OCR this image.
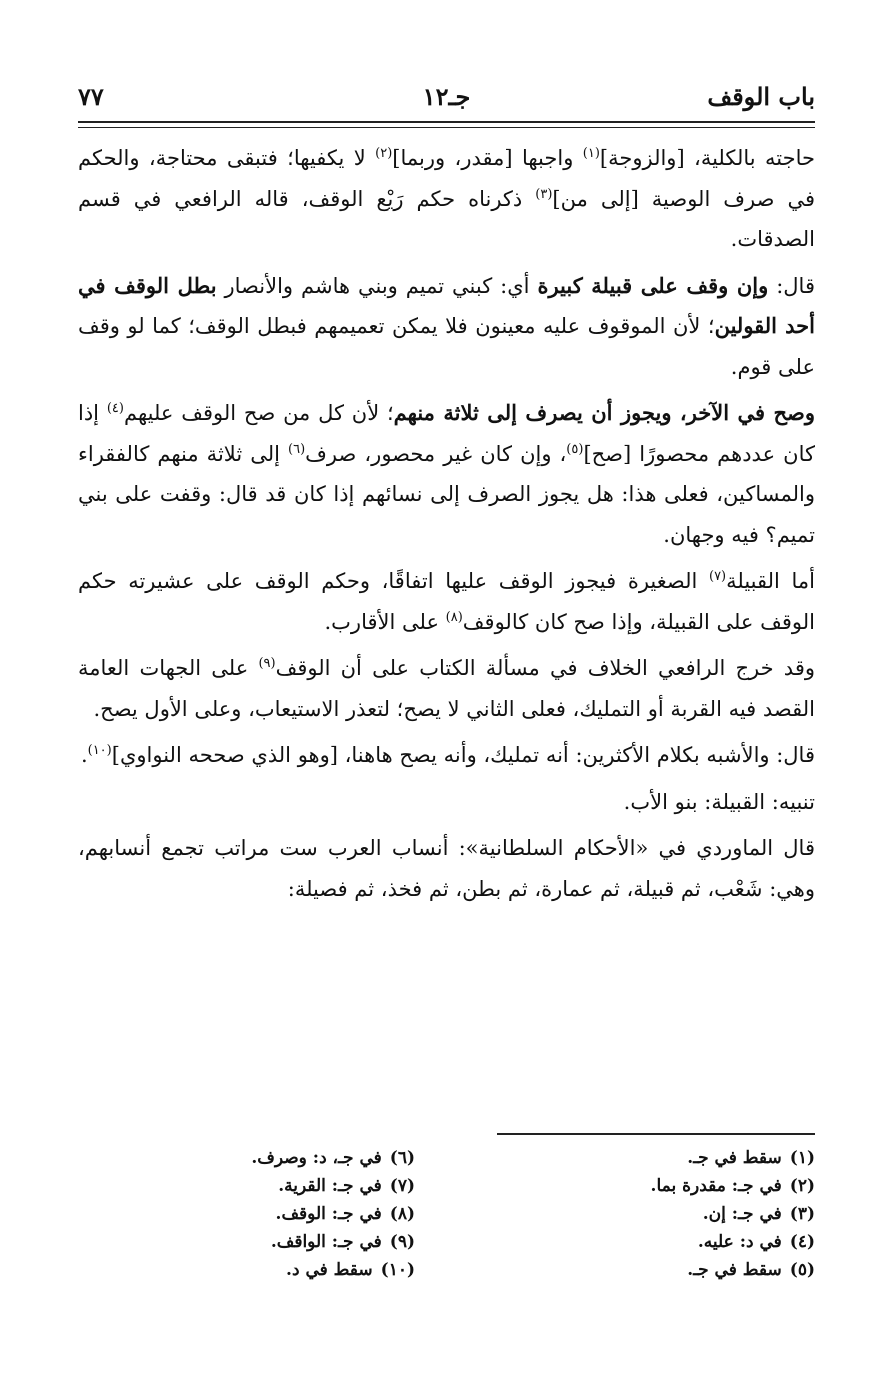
باب الوقف
جـ١٢
٧٧

حاجته بالكلية، [والزوجة]$^{(١)}$ واجبها [مقدر، وربما]$^{(٢)}$ لا يكفيها؛ فتبقى محتاجة، والحكم في صرف الوصية [إلى من]$^{(٣)}$ ذكرناه حكم رَيْع الوقف، قاله الرافعي في قسم الصدقات.

قال: وإن وقف على قبيلة كبيرة أي: كبني تميم وبني هاشم والأنصار بطل الوقف في أحد القولين؛ لأن الموقوف عليه معينون فلا يمكن تعميمهم فبطل الوقف؛ كما لو وقف على قوم.

وصح في الآخر، ويجوز أن يصرف إلى ثلاثة منهم؛ لأن كل من صح الوقف عليهم$^{(٤)}$ إذا كان عددهم محصورًا [صح]$^{(٥)}$، وإن كان غير محصور، صرف$^{(٦)}$ إلى ثلاثة منهم كالفقراء والمساكين، فعلى هذا: هل يجوز الصرف إلى نسائهم إذا كان قد قال: وقفت على بني تميم؟ فيه وجهان.

أما القبيلة$^{(٧)}$ الصغيرة فيجوز الوقف عليها اتفاقًا، وحكم الوقف على عشيرته حكم الوقف على القبيلة، وإذا صح كان كالوقف$^{(٨)}$ على الأقارب.

وقد خرج الرافعي الخلاف في مسألة الكتاب على أن الوقف$^{(٩)}$ على الجهات العامة القصد فيه القربة أو التمليك، فعلى الثاني لا يصح؛ لتعذر الاستيعاب، وعلى الأول يصح.

قال: والأشبه بكلام الأكثرين: أنه تمليك، وأنه يصح هاهنا، [وهو الذي صححه النواوي]$^{(١٠)}$.

تنبيه: القبيلة: بنو الأب.

قال الماوردي في «الأحكام السلطانية»: أنساب العرب ست مراتب تجمع أنسابهم، وهي: شَعْب، ثم قبيلة، ثم عمارة، ثم بطن، ثم فخذ، ثم فصيلة:

(١)
سقط في جـ.
(٢)
في جـ: مقدرة بما.
(٣)
في جـ: إن.
(٤)
في د: عليه.
(٥)
سقط في جـ.
(٦)
في جـ، د: وصرف.
(٧)
في جـ: القرية.
(٨)
في جـ: الوقف.
(٩)
في جـ: الواقف.
(١٠)
سقط في د.
